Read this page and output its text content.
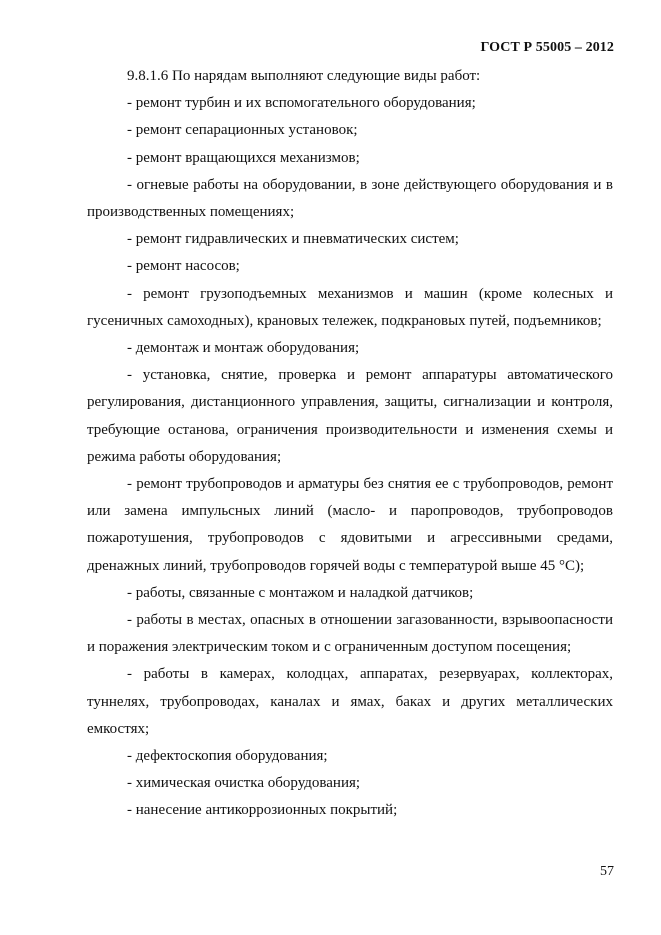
ГОСТ Р 55005 – 2012

9.8.1.6 По нарядам выполняют следующие виды работ:

- ремонт турбин и их вспомогательного оборудования;

- ремонт сепарационных установок;

- ремонт вращающихся механизмов;

- огневые работы на оборудовании, в зоне действующего оборудования и в производственных помещениях;

- ремонт гидравлических и пневматических систем;

- ремонт насосов;

- ремонт грузоподъемных механизмов и машин (кроме колесных и гусеничных самоходных), крановых тележек, подкрановых путей, подъемников;

- демонтаж и монтаж оборудования;

- установка, снятие, проверка и ремонт аппаратуры автоматического регулирования, дистанционного управления, защиты, сигнализации и контроля, требующие останова, ограничения производительности и изменения схемы и режима работы оборудования;

- ремонт трубопроводов и арматуры без снятия ее с трубопроводов, ремонт или замена импульсных линий (масло- и паропроводов, трубопроводов пожаротушения, трубопроводов с ядовитыми и агрессивными средами, дренажных линий, трубопроводов горячей воды с температурой выше 45 °С);

- работы, связанные с монтажом и наладкой датчиков;

- работы в местах, опасных в отношении загазованности, взрывоопасности и поражения электрическим током и с ограниченным доступом посещения;

- работы в камерах, колодцах, аппаратах, резервуарах, коллекторах, туннелях, трубопроводах, каналах и ямах, баках и других металлических емкостях;

- дефектоскопия оборудования;

- химическая очистка оборудования;

- нанесение антикоррозионных покрытий;

57
